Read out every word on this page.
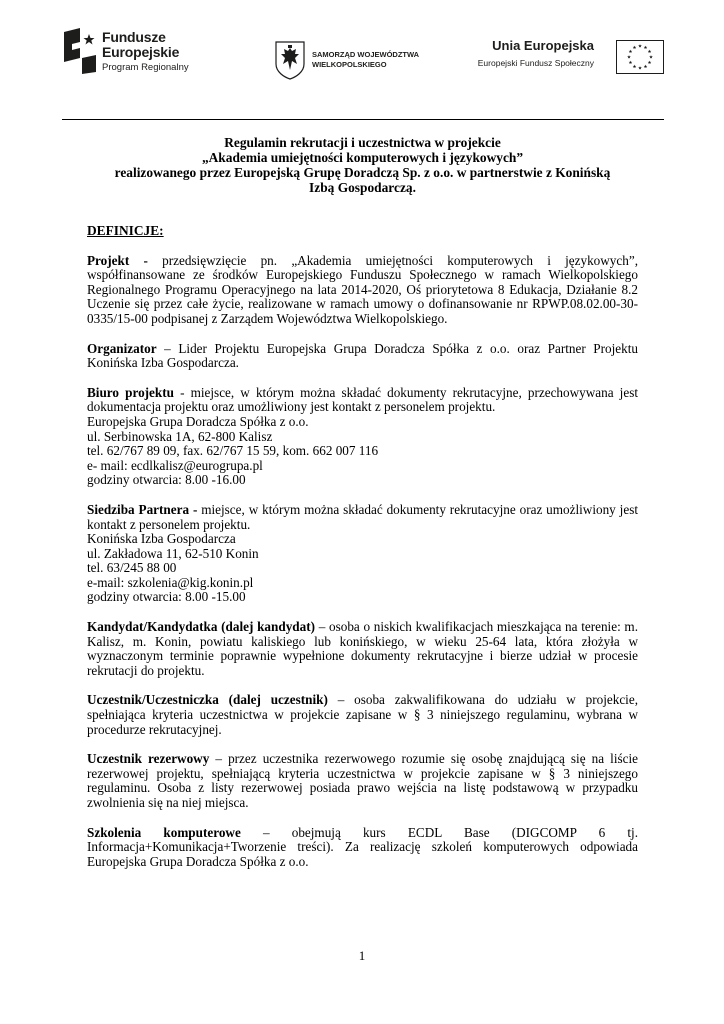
Fundusze
Europejskie
Program Regionalny
SAMORZĄD WOJEWÓDZTWA
WIELKOPOLSKIEGO
Unia Europejska
Europejski Fundusz Społeczny

Regulamin rekrutacji i uczestnictwa w projekcie
„Akademia umiejętności komputerowych i językowych”
realizowanego przez Europejską Grupę Doradczą Sp. z o.o. w partnerstwie z Konińską
Izbą Gospodarczą.

DEFINICJE:

Projekt - przedsięwzięcie pn. „Akademia umiejętności komputerowych i językowych”, współfinansowane ze środków Europejskiego Funduszu Społecznego w ramach Wielkopolskiego Regionalnego Programu Operacyjnego na lata 2014-2020, Oś priorytetowa 8 Edukacja, Działanie 8.2 Uczenie się przez całe życie, realizowane w ramach umowy o dofinansowanie nr RPWP.08.02.00-30-0335/15-00 podpisanej z Zarządem Województwa Wielkopolskiego.

Organizator – Lider Projektu Europejska Grupa Doradcza Spółka z o.o. oraz Partner Projektu Konińska Izba Gospodarcza.

Biuro projektu - miejsce, w którym można składać dokumenty rekrutacyjne, przechowywana jest dokumentacja projektu oraz umożliwiony jest kontakt z personelem projektu.
Europejska Grupa Doradcza Spółka z o.o.
ul. Serbinowska 1A, 62-800 Kalisz
tel. 62/767 89 09, fax. 62/767 15 59, kom. 662 007 116
e- mail: ecdlkalisz@eurogrupa.pl
godziny otwarcia: 8.00 -16.00
Siedziba Partnera - miejsce, w którym można składać dokumenty rekrutacyjne oraz umożliwiony jest kontakt z personelem projektu.
Konińska Izba Gospodarcza
ul. Zakładowa 11, 62-510 Konin
tel. 63/245 88 00
e-mail: szkolenia@kig.konin.pl
godziny otwarcia: 8.00 -15.00

Kandydat/Kandydatka (dalej kandydat) – osoba o niskich kwalifikacjach mieszkająca na terenie: m. Kalisz, m. Konin, powiatu kaliskiego lub konińskiego, w wieku 25-64 lata, która złożyła w wyznaczonym terminie poprawnie wypełnione dokumenty rekrutacyjne i bierze udział w procesie rekrutacji do projektu.

Uczestnik/Uczestniczka (dalej uczestnik) – osoba zakwalifikowana do udziału w projekcie, spełniająca kryteria uczestnictwa w projekcie zapisane w § 3 niniejszego regulaminu, wybrana w procedurze rekrutacyjnej.

Uczestnik rezerwowy – przez uczestnika rezerwowego rozumie się osobę znajdującą się na liście rezerwowej projektu, spełniającą kryteria uczestnictwa w projekcie zapisane w § 3 niniejszego regulaminu. Osoba z listy rezerwowej posiada prawo wejścia na listę podstawową w przypadku zwolnienia się na niej miejsca.

Szkolenia komputerowe – obejmują kurs ECDL Base (DIGCOMP 6 tj. Informacja+Komunikacja+Tworzenie treści). Za realizację szkoleń komputerowych odpowiada Europejska Grupa Doradcza Spółka z o.o.

1
